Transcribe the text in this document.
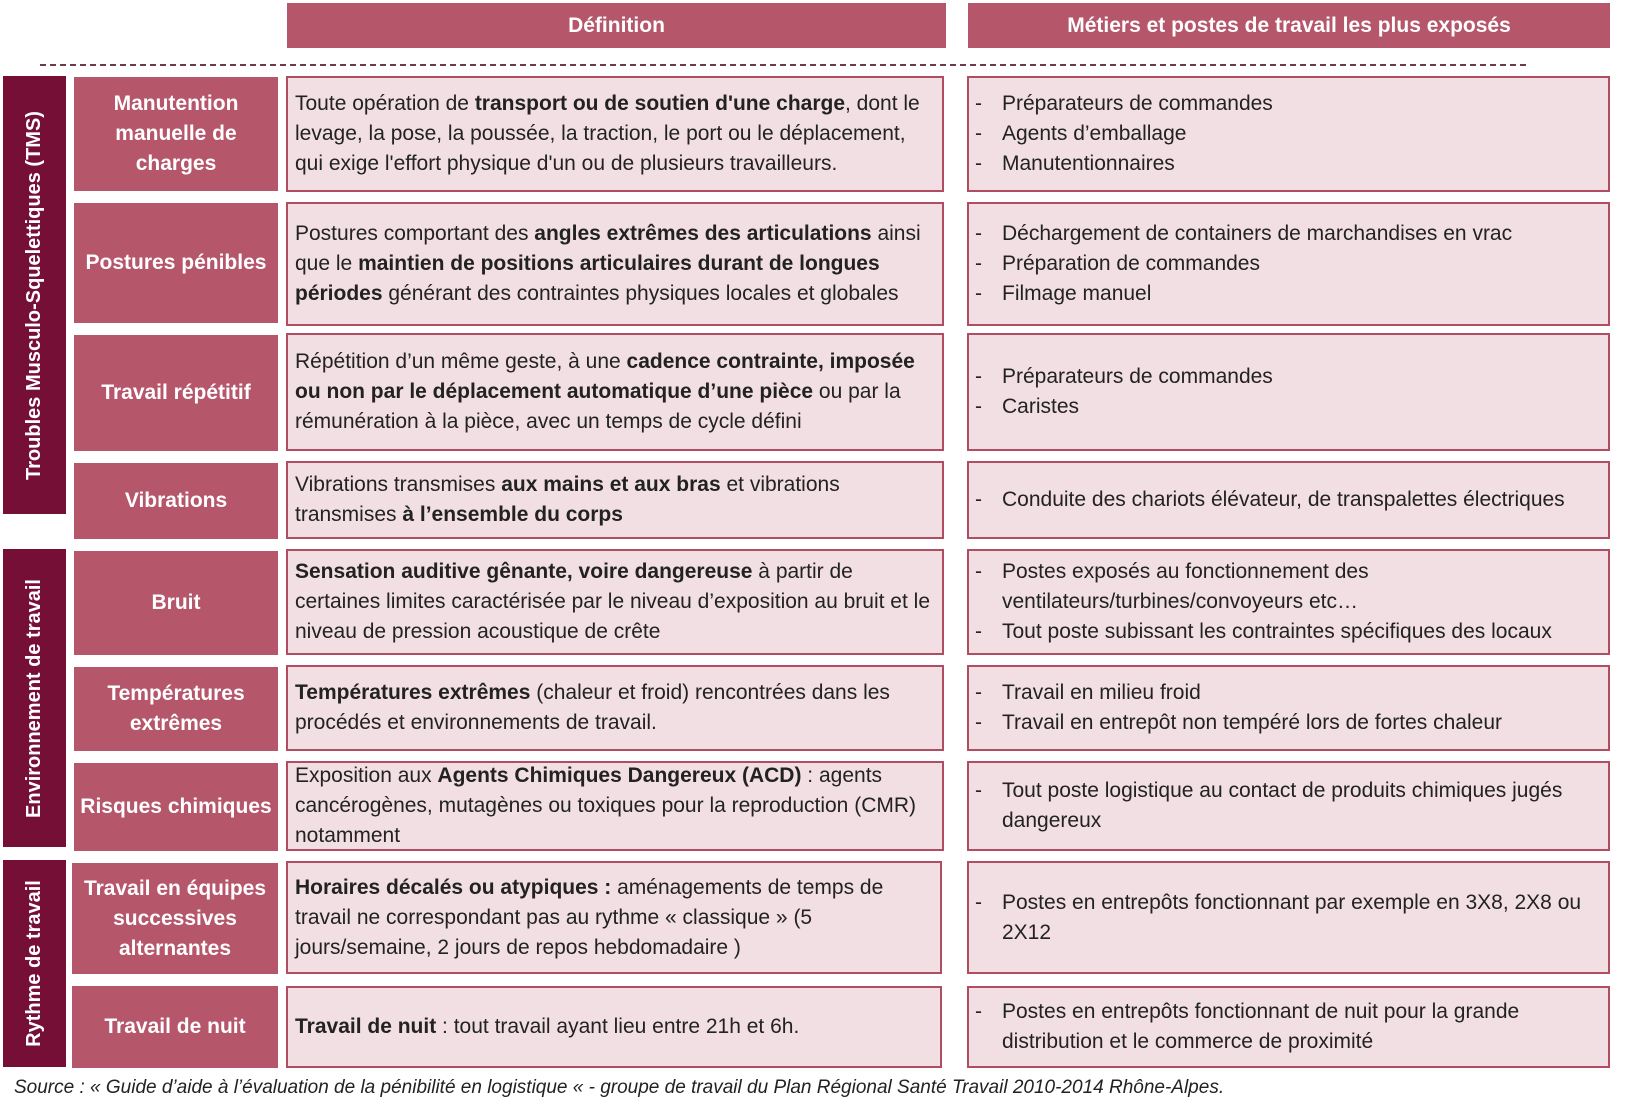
Définition	Métiers et postes de travail les plus exposés
Troubles Musculo-Squelettiques (TMS)
Environnement de travail
Rythme de travail
Manutention manuelle de charges
Toute opération de transport ou de soutien d'une charge, dont le levage, la pose, la poussée, la traction, le port ou le déplacement, qui exige l'effort physique d'un ou de plusieurs travailleurs.
- Préparateurs de commandes
- Agents d’emballage
- Manutentionnaires
Postures pénibles
Postures comportant des angles extrêmes des articulations ainsi que le maintien de positions articulaires durant de longues périodes générant des contraintes physiques locales et globales
- Déchargement de containers de marchandises en vrac
- Préparation de commandes
- Filmage manuel
Travail répétitif
Répétition d’un même geste, à une cadence contrainte, imposée ou non par le déplacement automatique d’une pièce ou par la rémunération à la pièce, avec un temps de cycle défini
- Préparateurs de commandes
- Caristes
Vibrations
Vibrations transmises aux mains et aux bras et vibrations transmises à l’ensemble du corps
- Conduite des chariots élévateur, de transpalettes électriques
Bruit
Sensation auditive gênante, voire dangereuse à partir de certaines limites caractérisée par le niveau d’exposition au bruit et le niveau de pression acoustique de crête
- Postes exposés au fonctionnement des ventilateurs/turbines/convoyeurs etc…
- Tout poste subissant les contraintes spécifiques des locaux
Températures extrêmes
Températures extrêmes (chaleur et froid) rencontrées dans les procédés et environnements de travail.
- Travail en milieu froid
- Travail en entrepôt non tempéré lors de fortes chaleur
Risques chimiques
Exposition aux Agents Chimiques Dangereux (ACD) : agents cancérogènes, mutagènes ou toxiques pour la reproduction (CMR) notamment
- Tout poste logistique au contact de produits chimiques jugés dangereux
Travail en équipes successives alternantes
Horaires décalés ou atypiques : aménagements de temps de travail ne correspondant pas au rythme « classique » (5 jours/semaine, 2 jours de repos hebdomadaire )
- Postes en entrepôts fonctionnant par exemple en 3X8, 2X8 ou 2X12
Travail de nuit	Travail de nuit : tout travail ayant lieu entre 21h et 6h.
- Postes en entrepôts fonctionnant de nuit pour la grande distribution et le commerce de proximité
Source : « Guide d’aide à l’évaluation de la pénibilité en logistique « - groupe de travail du Plan Régional Santé Travail 2010-2014 Rhône-Alpes.
